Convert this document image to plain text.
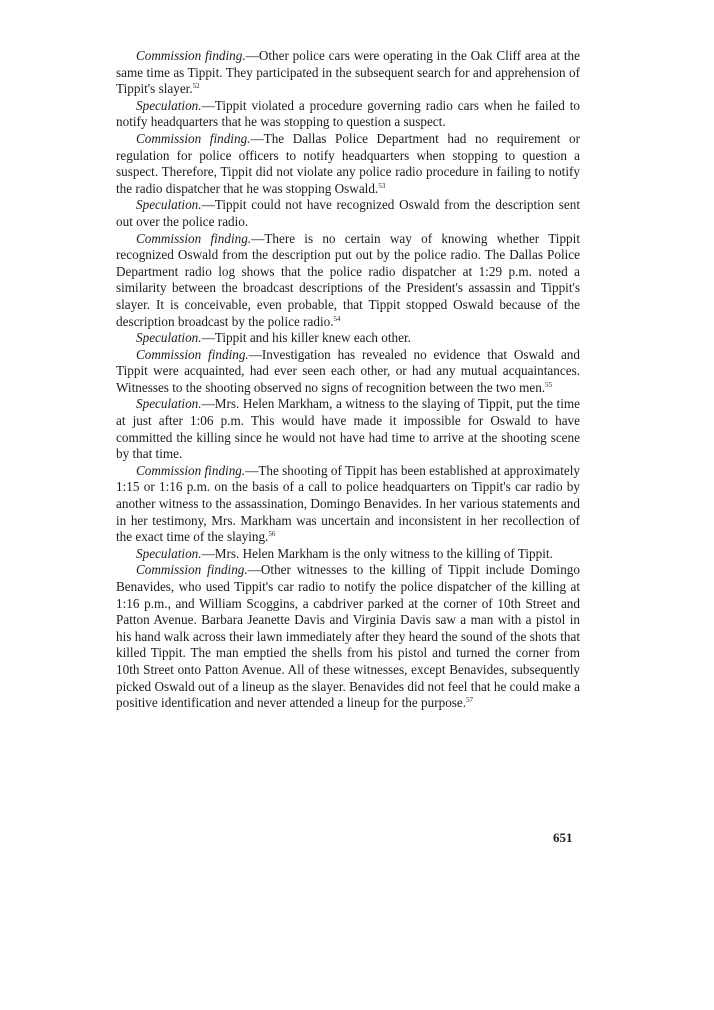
Commission finding.—Other police cars were operating in the Oak Cliff area at the same time as Tippit. They participated in the subsequent search for and apprehension of Tippit's slayer.$^{52}$

Speculation.—Tippit violated a procedure governing radio cars when he failed to notify headquarters that he was stopping to question a suspect.

Commission finding.—The Dallas Police Department had no requirement or regulation for police officers to notify headquarters when stopping to question a suspect. Therefore, Tippit did not violate any police radio procedure in failing to notify the radio dispatcher that he was stopping Oswald.$^{53}$

Speculation.—Tippit could not have recognized Oswald from the description sent out over the police radio.

Commission finding.—There is no certain way of knowing whether Tippit recognized Oswald from the description put out by the police radio. The Dallas Police Department radio log shows that the police radio dispatcher at 1:29 p.m. noted a similarity between the broadcast descriptions of the President's assassin and Tippit's slayer. It is conceivable, even probable, that Tippit stopped Oswald because of the description broadcast by the police radio.$^{54}$

Speculation.—Tippit and his killer knew each other.

Commission finding.—Investigation has revealed no evidence that Oswald and Tippit were acquainted, had ever seen each other, or had any mutual acquaintances. Witnesses to the shooting observed no signs of recognition between the two men.$^{55}$

Speculation.—Mrs. Helen Markham, a witness to the slaying of Tippit, put the time at just after 1:06 p.m. This would have made it impossible for Oswald to have committed the killing since he would not have had time to arrive at the shooting scene by that time.

Commission finding.—The shooting of Tippit has been established at approximately 1:15 or 1:16 p.m. on the basis of a call to police headquarters on Tippit's car radio by another witness to the assassination, Domingo Benavides. In her various statements and in her testimony, Mrs. Markham was uncertain and inconsistent in her recollection of the exact time of the slaying.$^{56}$

Speculation.—Mrs. Helen Markham is the only witness to the killing of Tippit.

Commission finding.—Other witnesses to the killing of Tippit include Domingo Benavides, who used Tippit's car radio to notify the police dispatcher of the killing at 1:16 p.m., and William Scoggins, a cabdriver parked at the corner of 10th Street and Patton Avenue. Barbara Jeanette Davis and Virginia Davis saw a man with a pistol in his hand walk across their lawn immediately after they heard the sound of the shots that killed Tippit. The man emptied the shells from his pistol and turned the corner from 10th Street onto Patton Avenue. All of these witnesses, except Benavides, subsequently picked Oswald out of a lineup as the slayer. Benavides did not feel that he could make a positive identification and never attended a lineup for the purpose.$^{57}$

651
